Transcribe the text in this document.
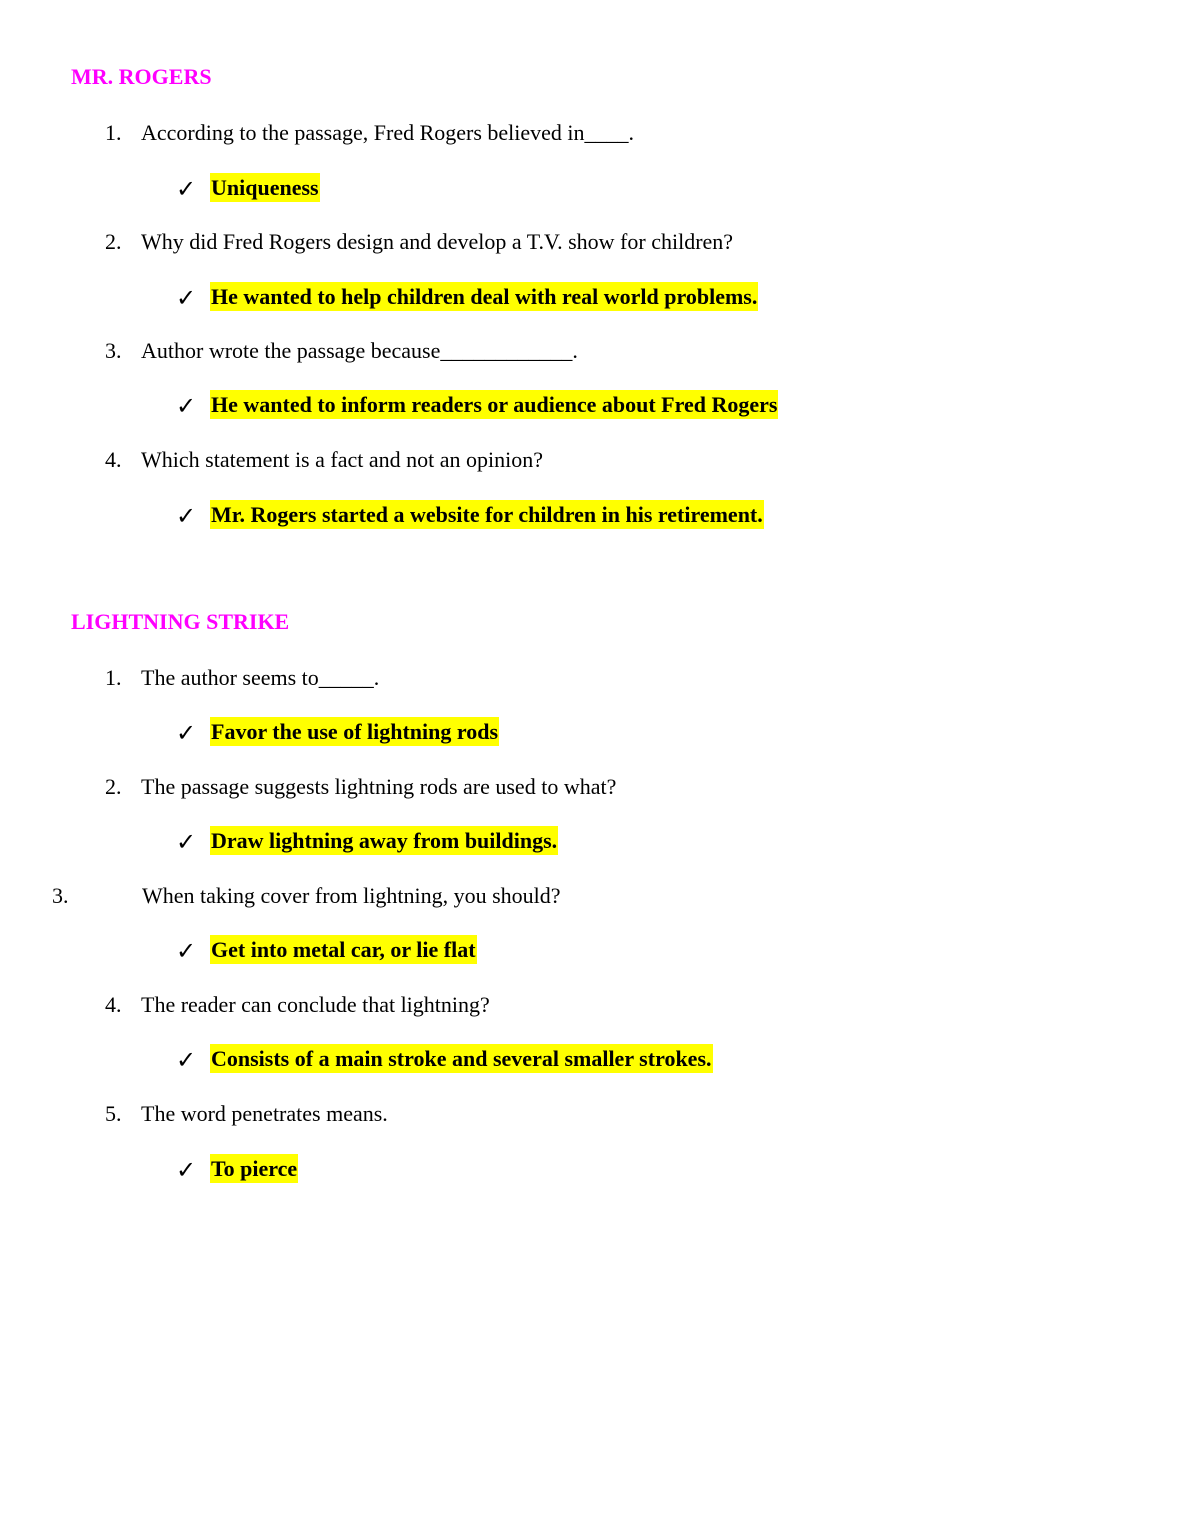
MR. ROGERS
1. According to the passage, Fred Rogers believed in____.
✓ Uniqueness
2. Why did Fred Rogers design and develop a T.V. show for children?
✓ He wanted to help children deal with real world problems.
3. Author wrote the passage because____________.
✓ He wanted to inform readers or audience about Fred Rogers
4. Which statement is a fact and not an opinion?
✓ Mr. Rogers started a website for children in his retirement.
LIGHTNING STRIKE
1. The author seems to_____.
✓ Favor the use of lightning rods
2. The passage suggests lightning rods are used to what?
✓ Draw lightning away from buildings.
3.	When taking cover from lightning, you should?
✓ Get into metal car, or lie flat
4. The reader can conclude that lightning?
✓ Consists of a main stroke and several smaller strokes.
5. The word penetrates means.
✓ To pierce
